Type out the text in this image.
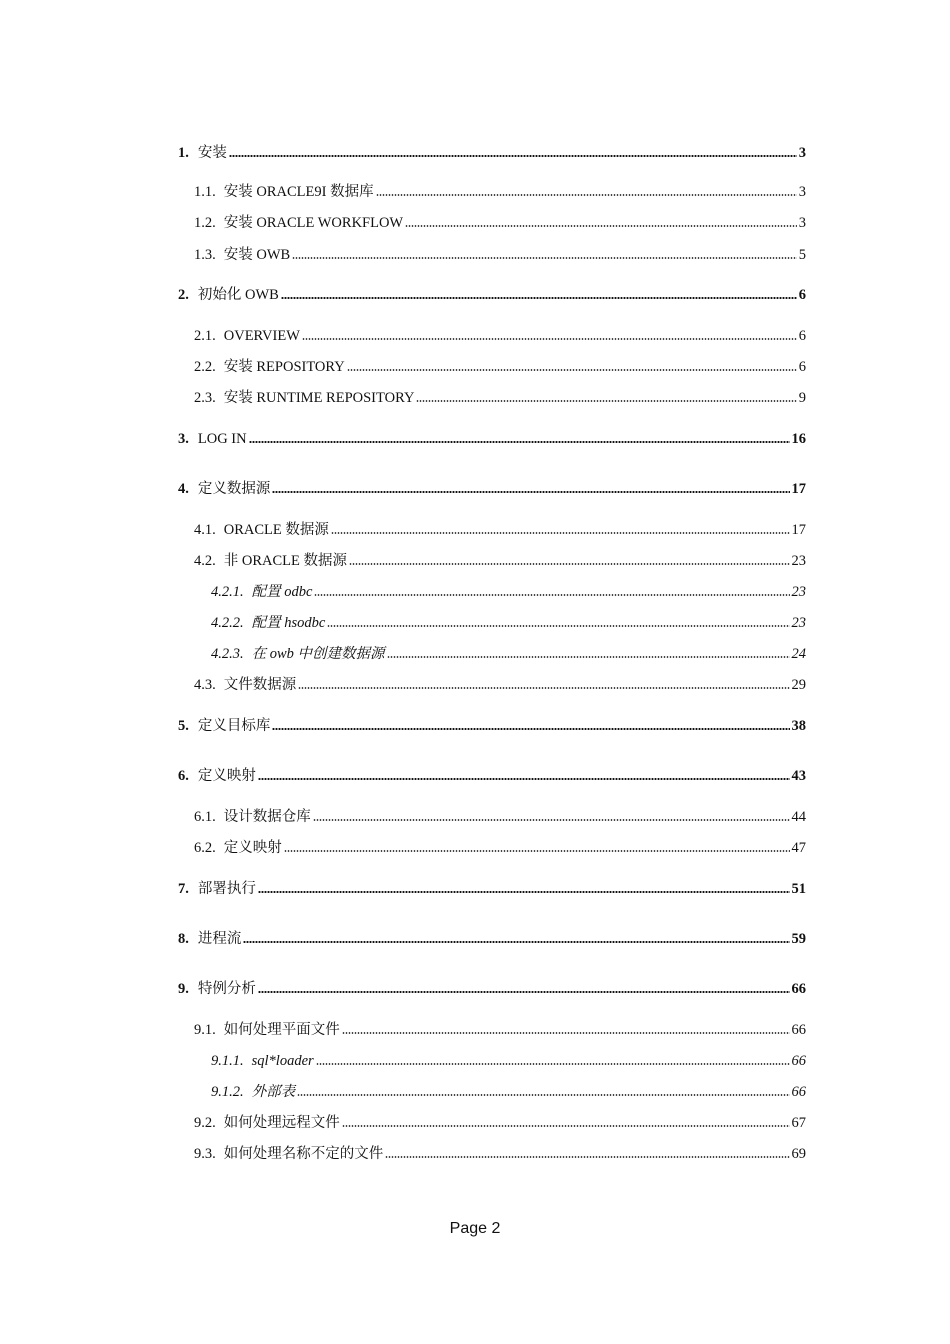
1. 安装	3
1.1. 安装 ORACLE9I 数据库	3
1.2. 安装 ORACLE WORKFLOW	3
1.3. 安装 OWB	5
2. 初始化 OWB	6
2.1. OVERVIEW	6
2.2. 安装 REPOSITORY	6
2.3. 安装 RUNTIME REPOSITORY	9
3. LOG IN	16
4. 定义数据源	17
4.1. ORACLE 数据源	17
4.2. 非 ORACLE 数据源	23
4.2.1. 配置 odbc	23
4.2.2. 配置 hsodbc	23
4.2.3. 在 owb 中创建数据源	24
4.3. 文件数据源	29
5. 定义目标库	38
6. 定义映射	43
6.1. 设计数据仓库	44
6.2. 定义映射	47
7. 部署执行	51
8. 进程流	59
9. 特例分析	66
9.1. 如何处理平面文件	66
9.1.1. sql*loader	66
9.1.2. 外部表	66
9.2. 如何处理远程文件	67
9.3. 如何处理名称不定的文件	69
Page 2
